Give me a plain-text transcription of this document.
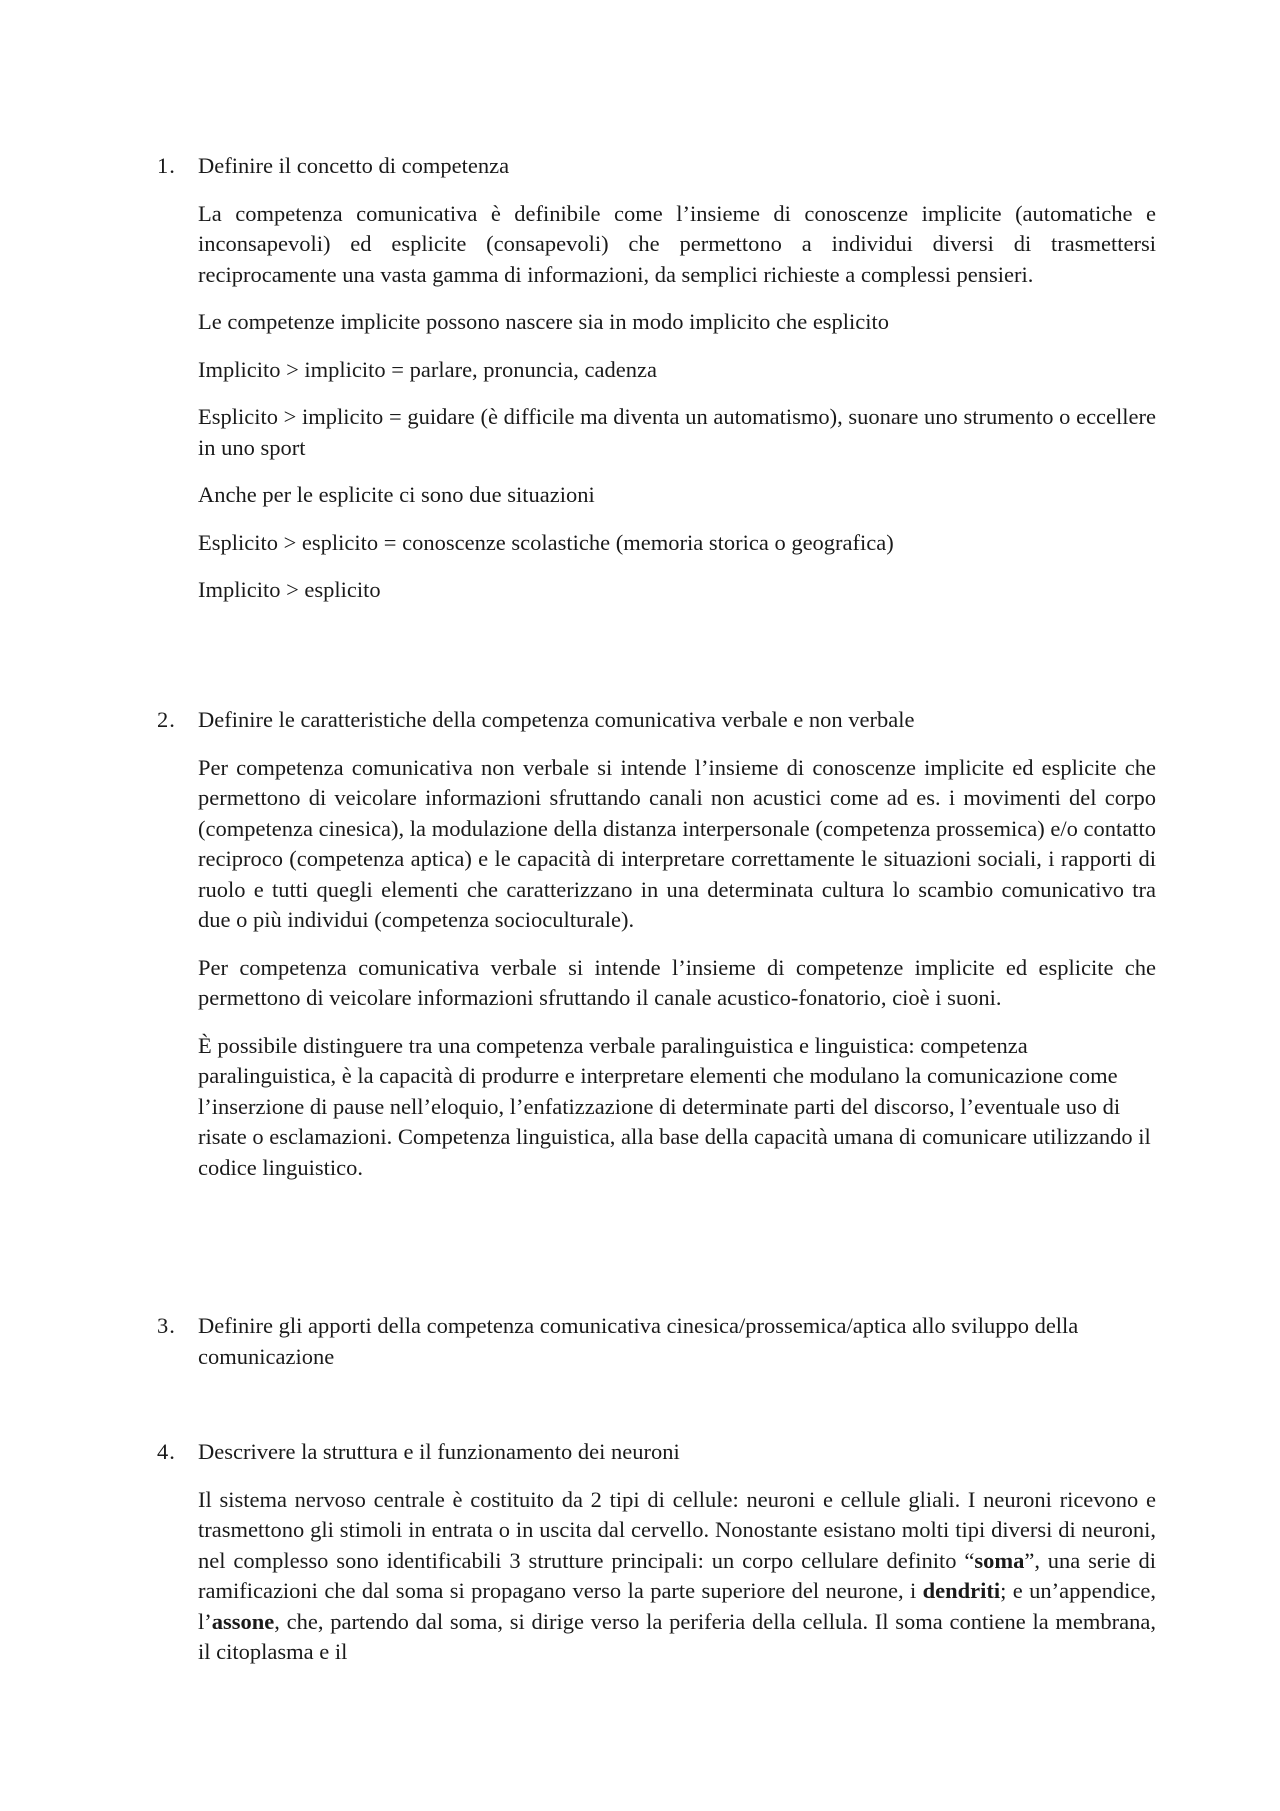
1. Definire il concetto di competenza

La competenza comunicativa è definibile come l’insieme di conoscenze implicite (automatiche e inconsapevoli) ed esplicite (consapevoli) che permettono a individui diversi di trasmettersi reciprocamente una vasta gamma di informazioni, da semplici richieste a complessi pensieri.

Le competenze implicite possono nascere sia in modo implicito che esplicito

Implicito > implicito = parlare, pronuncia, cadenza

Esplicito > implicito = guidare (è difficile ma diventa un automatismo), suonare uno strumento o eccellere in uno sport

Anche per le esplicite ci sono due situazioni

Esplicito > esplicito = conoscenze scolastiche (memoria storica o geografica)

Implicito > esplicito

2. Definire le caratteristiche della competenza comunicativa verbale e non verbale

Per competenza comunicativa non verbale si intende l’insieme di conoscenze implicite ed esplicite che permettono di veicolare informazioni sfruttando canali non acustici come ad es. i movimenti del corpo (competenza cinesica), la modulazione della distanza interpersonale (competenza prossemica) e/o contatto reciproco (competenza aptica) e le capacità di interpretare correttamente le situazioni sociali, i rapporti di ruolo e tutti quegli elementi che caratterizzano in una determinata cultura lo scambio comunicativo tra due o più individui (competenza socioculturale).

Per competenza comunicativa verbale si intende l’insieme di competenze implicite ed esplicite che permettono di veicolare informazioni sfruttando il canale acustico-fonatorio, cioè i suoni.

È possibile distinguere tra una competenza verbale paralinguistica e linguistica: competenza paralinguistica, è la capacità di produrre e interpretare elementi che modulano la comunicazione come l’inserzione di pause nell’eloquio, l’enfatizzazione di determinate parti del discorso, l’eventuale uso di risate o esclamazioni. Competenza linguistica, alla base della capacità umana di comunicare utilizzando il codice linguistico.

3. Definire gli apporti della competenza comunicativa cinesica/prossemica/aptica allo sviluppo della comunicazione
4. Descrivere la struttura e il funzionamento dei neuroni

Il sistema nervoso centrale è costituito da 2 tipi di cellule: neuroni e cellule gliali. I neuroni ricevono e trasmettono gli stimoli in entrata o in uscita dal cervello. Nonostante esistano molti tipi diversi di neuroni, nel complesso sono identificabili 3 strutture principali: un corpo cellulare definito “soma”, una serie di ramificazioni che dal soma si propagano verso la parte superiore del neurone, i dendriti; e un’appendice, l’assone, che, partendo dal soma, si dirige verso la periferia della cellula. Il soma contiene la membrana, il citoplasma e il
